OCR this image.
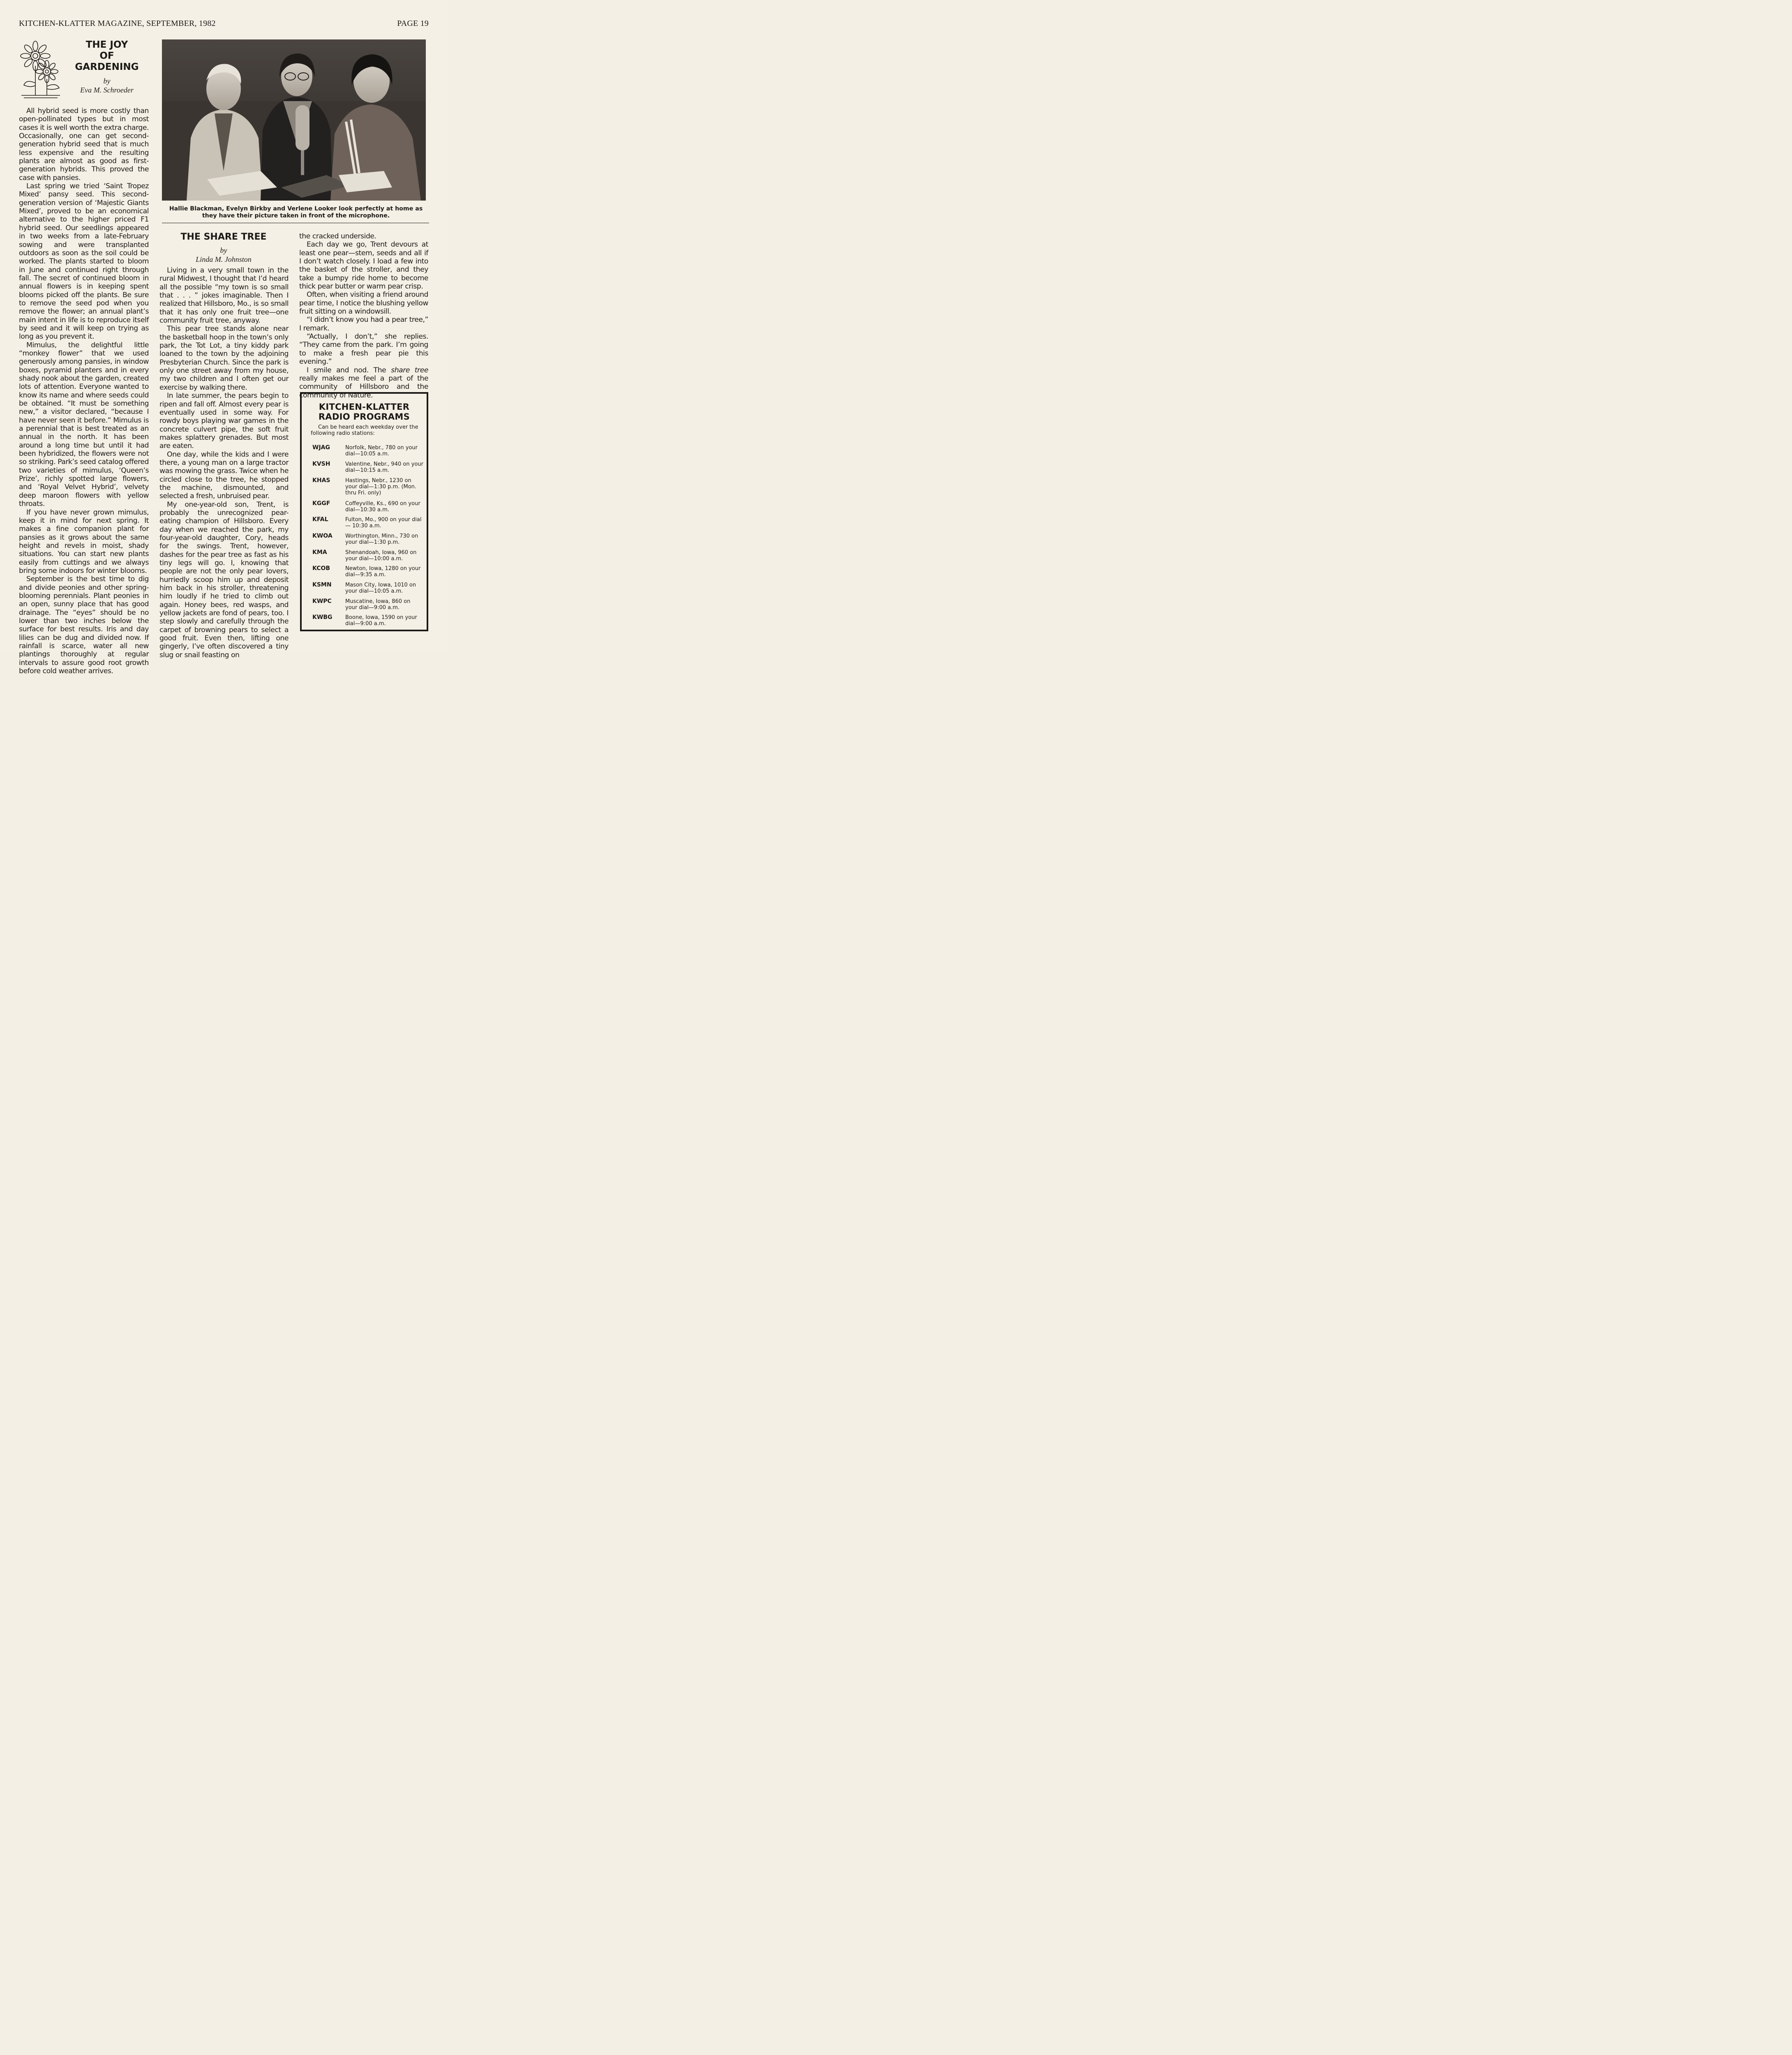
KITCHEN-KLATTER MAGAZINE, SEPTEMBER, 1982	PAGE 19
THE JOY
OF
GARDENING
by
Eva M. Schroeder

All hybrid seed is more costly than open-pollinated types but in most cases it is well worth the extra charge. Occasionally, one can get second-generation hybrid seed that is much less expensive and the resulting plants are almost as good as first-generation hybrids. This proved the case with pansies.

Last spring we tried ‘Saint Tropez Mixed’ pansy seed. This second-generation version of ‘Majestic Giants Mixed’, proved to be an economical alternative to the higher priced F1 hybrid seed. Our seedlings appeared in two weeks from a late-February sowing and were transplanted outdoors as soon as the soil could be worked. The plants started to bloom in June and continued right through fall. The secret of continued bloom in annual flowers is in keeping spent blooms picked off the plants. Be sure to remove the seed pod when you remove the flower; an annual plant’s main intent in life is to reproduce itself by seed and it will keep on trying as long as you prevent it.

Mimulus, the delightful little “monkey flower” that we used generously among pansies, in window boxes, pyramid planters and in every shady nook about the garden, created lots of attention. Everyone wanted to know its name and where seeds could be obtained. “It must be something new,” a visitor declared, “because I have never seen it before.” Mimulus is a perennial that is best treated as an annual in the north. It has been around a long time but until it had been hybridized, the flowers were not so striking. Park’s seed catalog offered two varieties of mimulus, ‘Queen’s Prize’, richly spotted large flowers, and ‘Royal Velvet Hybrid’, velvety deep maroon flowers with yellow throats.

If you have never grown mimulus, keep it in mind for next spring. It makes a fine companion plant for pansies as it grows about the same height and revels in moist, shady situations. You can start new plants easily from cuttings and we always bring some indoors for winter blooms.

September is the best time to dig and divide peonies and other spring-blooming perennials. Plant peonies in an open, sunny place that has good drainage. The “eyes” should be no lower than two inches below the surface for best results. Iris and day lilies can be dug and divided now. If rainfall is scarce, water all new plantings thoroughly at regular intervals to assure good root growth before cold weather arrives.

Hallie Blackman, Evelyn Birkby and Verlene Looker look perfectly at home as they have their picture taken in front of the microphone.
THE SHARE TREE
by
Linda M. Johnston

Living in a very small town in the rural Midwest, I thought that I’d heard all the possible “my town is so small that . . . ” jokes imaginable. Then I realized that Hillsboro, Mo., is so small that it has only one fruit tree—one community fruit tree, anyway.

This pear tree stands alone near the basketball hoop in the town’s only park, the Tot Lot, a tiny kiddy park loaned to the town by the adjoining Presbyterian Church. Since the park is only one street away from my house, my two children and I often get our exercise by walking there.

In late summer, the pears begin to ripen and fall off. Almost every pear is eventually used in some way. For rowdy boys playing war games in the concrete culvert pipe, the soft fruit makes splattery grenades. But most are eaten.

One day, while the kids and I were there, a young man on a large tractor was mowing the grass. Twice when he circled close to the tree, he stopped the machine, dismounted, and selected a fresh, unbruised pear.

My one-year-old son, Trent, is probably the unrecognized pear-eating champion of Hillsboro. Every day when we reached the park, my four-year-old daughter, Cory, heads for the swings. Trent, however, dashes for the pear tree as fast as his tiny legs will go. I, knowing that people are not the only pear lovers, hurriedly scoop him up and deposit him back in his stroller, threatening him loudly if he tried to climb out again. Honey bees, red wasps, and yellow jackets are fond of pears, too. I step slowly and carefully through the carpet of browning pears to select a good fruit. Even then, lifting one gingerly, I’ve often discovered a tiny slug or snail feasting on

the cracked underside.

Each day we go, Trent devours at least one pear—stem, seeds and all if I don’t watch closely. I load a few into the basket of the stroller, and they take a bumpy ride home to become thick pear butter or warm pear crisp.

Often, when visiting a friend around pear time, I notice the blushing yellow fruit sitting on a windowsill.

“I didn’t know you had a pear tree,” I remark.

“Actually, I don’t,” she replies. “They came from the park. I’m going to make a fresh pear pie this evening.”

I smile and nod. The share tree really makes me feel a part of the community of Hillsboro and the community of Nature.

KITCHEN-KLATTER
RADIO PROGRAMS
Can be heard each weekday over the following radio stations:
WJAG	Norfolk, Nebr., 780 on your dial—10:05 a.m.
KVSH	Valentine, Nebr., 940 on your dial—10:15 a.m.
KHAS	Hastings, Nebr., 1230 on your dial—1:30 p.m. (Mon. thru Fri. only)
KGGF	Coffeyville, Ks., 690 on your dial—10:30 a.m.
KFAL	Fulton, Mo., 900 on your dial — 10:30 a.m.
KWOA	Worthington, Minn., 730 on your dial—1:30 p.m.
KMA	Shenandoah, Iowa, 960 on your dial—10:00 a.m.
KCOB	Newton, Iowa, 1280 on your dial—9:35 a.m.
KSMN	Mason City, Iowa, 1010 on your dial—10:05 a.m.
KWPC	Muscatine, Iowa, 860 on your dial—9:00 a.m.
KWBG	Boone, Iowa, 1590 on your dial—9:00 a.m.
